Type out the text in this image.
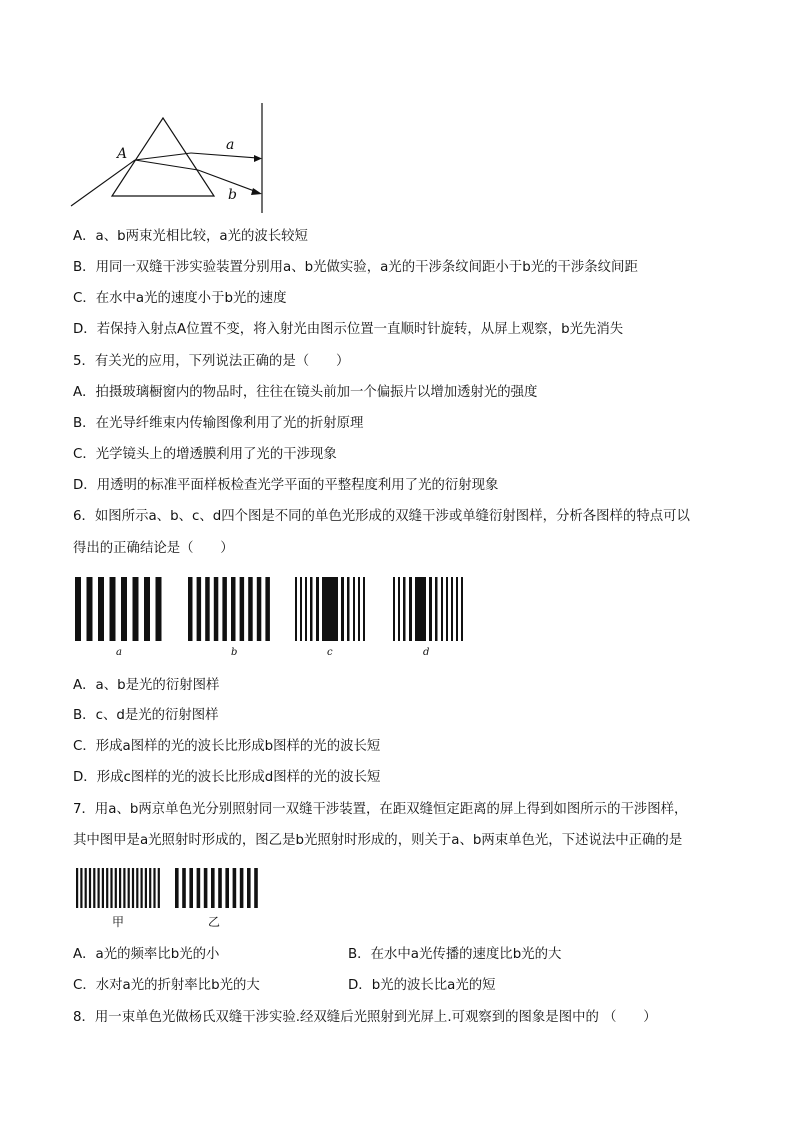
A
a
b
A．a、b两束光相比较，a光的波长较短
B．用同一双缝干涉实验装置分别用a、b光做实验，a光的干涉条纹间距小于b光的干涉条纹间距
C．在水中a光的速度小于b光的速度
D．若保持入射点A位置不变，将入射光由图示位置一直顺时针旋转，从屏上观察，b光先消失
5．有关光的应用，下列说法正确的是（　　）
A．拍摄玻璃橱窗内的物品时，往往在镜头前加一个偏振片以增加透射光的强度
B．在光导纤维束内传输图像利用了光的折射原理
C．光学镜头上的增透膜利用了光的干涉现象
D．用透明的标准平面样板检查光学平面的平整程度利用了光的衍射现象
6．如图所示a、b、c、d四个图是不同的单色光形成的双缝干涉或单缝衍射图样，分析各图样的特点可以
得出的正确结论是（　　）
a	b	c	d
A．a、b是光的衍射图样
B．c、d是光的衍射图样
C．形成a图样的光的波长比形成b图样的光的波长短
D．形成c图样的光的波长比形成d图样的光的波长短
7．用a、b两京单色光分别照射同一双缝干涉装置，在距双缝恒定距离的屏上得到如图所示的干涉图样，
其中图甲是a光照射时形成的，图乙是b光照射时形成的，则关于a、b两束单色光，下述说法中正确的是
甲	乙
A．a光的频率比b光的小	B．在水中a光传播的速度比b光的大
C．水对a光的折射率比b光的大	D．b光的波长比a光的短
8．用一束单色光做杨氏双缝干涉实验.经双缝后光照射到光屏上.可观察到的图象是图中的 （　　）
